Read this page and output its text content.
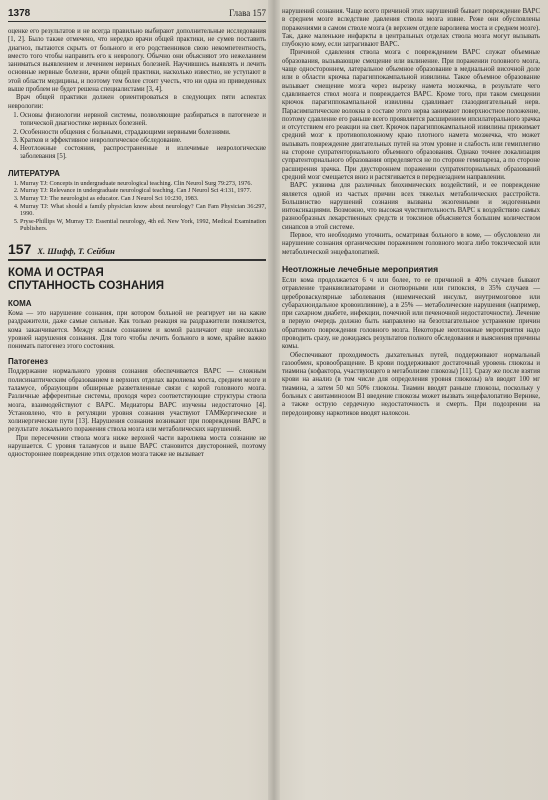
1378	Глава 157

оценке его результатов и не всегда правильно выбирают дополнительные исследования [1, 2]. Было также отмечено, что нередко врачи общей практики, не сумев поставить диагноз, пытаются скрыть от больного и его родственников свою некомпетентность, вместо того чтобы направить его к неврологу. Обычно они объясняют это нежеланием заниматься выявлением и лечением нервных болезней. Научившись выявлять и лечить основные нервные болезни, врачи общей практики, насколько известно, не уступают в этой области медицины, и поэтому тем более стоит учесть, что ни одна из приведенных выше проблем не будет решена специалистами [3, 4].

Врач общей практики должен ориентироваться в следующих пяти аспектах неврологии:

1. Основы физиологии нервной системы, позволяющие разбираться в патогенезе и топической диагностике нервных болезней.
2. Особенности общения с больными, страдающими нервными болезнями.
3. Кратков и эффективное неврологическое обследование.
4. Неотложные состояния, распространенные и излечимые неврологические заболевания [5].
ЛИТЕРАТУРА
1. Murray TJ: Concepts in undergraduate neurological teaching. Clin Neurol Surg 79:273, 1976.
2. Murray TJ: Relevance in undergraduate neurological teaching. Can J Neurol Sci 4:131, 1977.
3. Murray TJ: The neurologist as educator. Can J Neurol Sci 10:230, 1983.
4. Murray TJ: What should a family physician know about neurology? Can Fam Physician 36:297, 1990.
5. Pryse-Phillips W, Murray TJ: Essential neurology, 4th ed. New York, 1992, Medical Examination Publishers.
157 Х. Шифф, Т. Сейбин
КОМА И ОСТРАЯ
СПУТАННОСТЬ СОЗНАНИЯ
КОМА

Кома — это нарушение сознания, при котором больной не реагирует ни на какие раздражители, даже самые сильные. Как только реакция на раздражители появляется, кома заканчивается. Между ясным сознанием и комой различают еще несколько уровней нарушения сознания. Для того чтобы лечить больного в коме, крайне важно понимать патогенез этого состояния.

Патогенез

Поддержание нормального уровня сознания обеспечивается ВАРС — сложным полисинаптическим образованием в верхних отделах варолиева моста, среднем мозге и таламусе, образующим обширные разветвленные связи с корой головного мозга. Различные афферентные системы, проходя через соответствующие структуры ствола мозга, взаимодействуют с ВАРС. Медиаторы ВАРС изучены недостаточно [4]. Установлено, что в регуляции уровня сознания участвуют ГАМКергические и холинергические пути [13]. Нарушения сознания возникают при повреждении ВАРС в результате локального поражения ствола мозга или метаболических нарушений.

При пересечении ствола мозга ниже верхней части варолиева моста сознание не нарушается. С уровня таламусов и выше ВАРС становится двусторонней, поэтому одностороннее повреждение этих отделов мозга также не вызывает

нарушений сознания. Чаще всего причиной этих нарушений бывает повреждение ВАРС в среднем мозге вследствие давления ствола мозга извне. Реже они обусловлены поражениями в самом стволе мозга (в верхнем отделе варолиева моста и среднем мозге). Так, даже маленькие инфаркты в центральных отделах ствола мозга могут вызывать глубокую кому, если затрагивают ВАРС.

Причиной сдавления ствола мозга с повреждением ВАРС служат объемные образования, вызывающие смещение или вклинение. При поражении головного мозга, чаще одностороннем, латеральное объемное образование в медиальной височной доле или в области крючка парагиппокампальной извилины. Такое объемное образование вызывает смещение мозга через вырезку намета мозжечка, в результате чего сдавливается ствол мозга и повреждается ВАРС. Кроме того, при таком смещении крючок парагиппокампальной извилины сдавливает глазодвигательный нерв. Парасимпатические волокна в составе этого нерва занимают поверхностное положение, поэтому сдавление его раньше всего проявляется расширением ипсилатерального зрачка и отсутствием его реакции на свет. Крючок парагиппокампальной извилины прижимает средний мозг к противоположному краю плотного намета мозжечка, что может вызывать повреждение двигательных путей на этом уровне и слабость или гемиплегию на стороне супратенториального объемного образования. Однако точнее локализация супратенториального образования определяется не по стороне гемипареза, а по стороне расширения зрачка. При двустороннем поражении супратенториальных образований средний мозг смещается вниз и растягивается в переднезаднем направлении.

ВАРС уязвима для различных биохимических воздействий, и ее повреждение является одной из частых причин всех тяжелых метаболических расстройств. Большинство нарушений сознания вызваны экзогенными и эндогенными интоксикациями. Возможно, что высокая чувствительность ВАРС к воздействию самых разнообразных лекарственных средств и токсинов объясняется большим количеством синапсов в этой системе.

Первое, что необходимо уточнить, осматривая больного в коме, — обусловлено ли нарушение сознания органическим поражением головного мозга либо токсической или метаболической энцефалопатией.

Неотложные лечебные мероприятия

Если кома продолжается 6 ч или более, то ее причиной в 40% случаев бывают отравление транквилизаторами и снотворными или гипоксия, в 35% случаев — цереброваскулярные заболевания (ишемический инсульт, внутримозговое или субарахноидальное кровоизлияние), а в 25% — метаболические нарушения (например, при сахарном диабете, инфекции, почечной или печеночной недостаточности). Лечение в первую очередь должно быть направлено на безотлагательное устранение причин обратимого повреждения головного мозга. Некоторые неотложные мероприятия надо проводить сразу, не дожидаясь результатов полного обследования и выяснения причины комы.

Обеспечивают проходимость дыхательных путей, поддерживают нормальный газообмен, кровообращение. В крови поддерживают достаточный уровень глюкозы и тиамина (кофактора, участвующего в метаболизме глюкозы) [11]. Сразу же после взятия крови на анализ (в том числе для определения уровня глюкозы) в/в вводят 100 мг тиамина, а затем 50 мл 50% глюкозы. Тиамин вводят раньше глюкозы, поскольку у больных с авитаминозом B1 введение глюкозы может вызвать энцефалопатию Вернике, а также острую сердечную недостаточность и смерть. При подозрении на передозировку наркотиков вводят налоксон.
